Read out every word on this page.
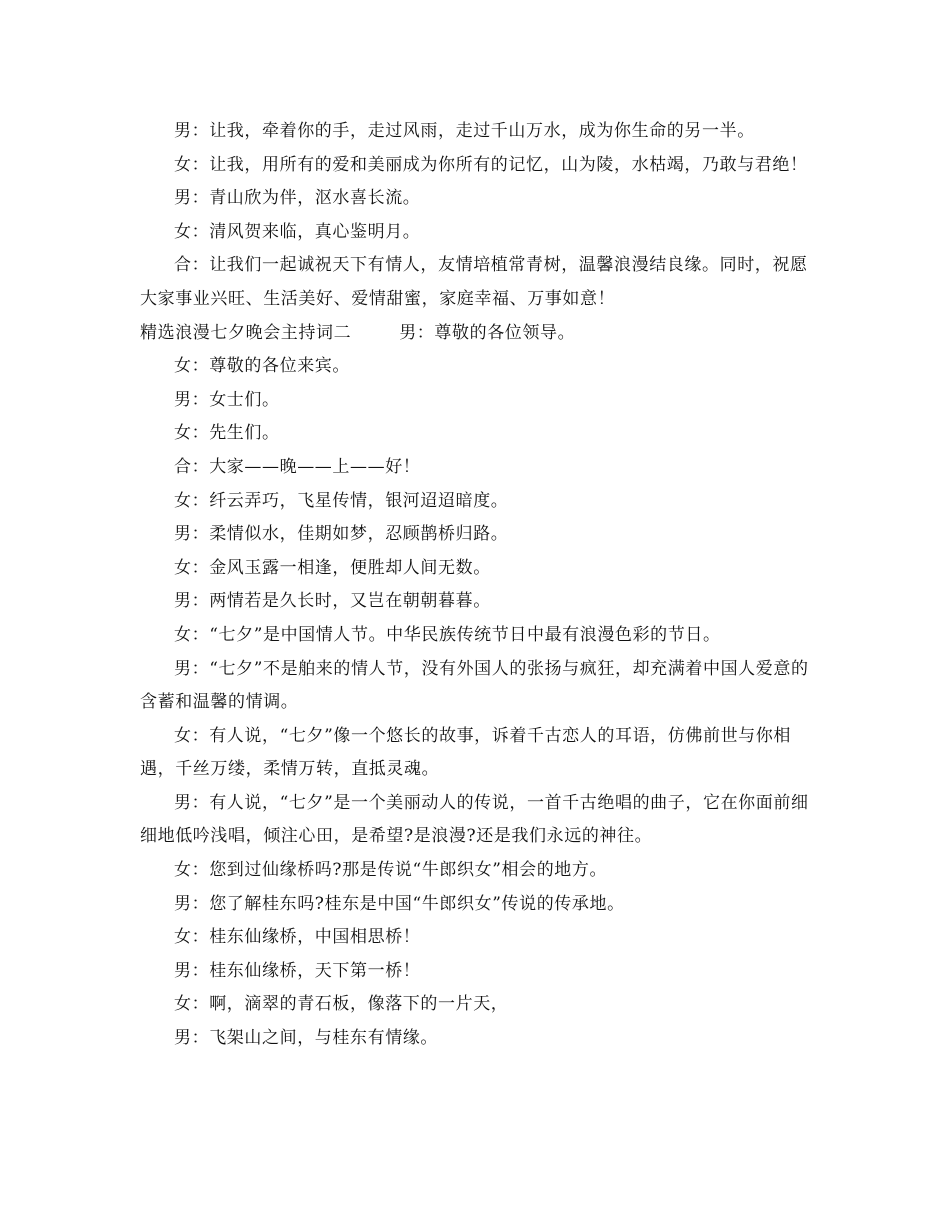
男：让我，牵着你的手，走过风雨，走过千山万水，成为你生命的另一半。

女：让我，用所有的爱和美丽成为你所有的记忆，山为陵，水枯竭，乃敢与君绝！

男：青山欣为伴，沤水喜长流。

女：清风贺来临，真心鉴明月。

合：让我们一起诚祝天下有情人，友情培植常青树，温馨浪漫结良缘。同时，祝愿大家事业兴旺、生活美好、爱情甜蜜，家庭幸福、万事如意！

精选浪漫七夕晚会主持词二	男：尊敬的各位领导。

女：尊敬的各位来宾。

男：女士们。

女：先生们。

合：大家——晚——上——好！

女：纤云弄巧，飞星传情，银河迢迢暗度。

男：柔情似水，佳期如梦，忍顾鹊桥归路。

女：金风玉露一相逢，便胜却人间无数。

男：两情若是久长时，又岂在朝朝暮暮。

女：“七夕”是中国情人节。中华民族传统节日中最有浪漫色彩的节日。

男：“七夕”不是舶来的情人节，没有外国人的张扬与疯狂，却充满着中国人爱意的含蓄和温馨的情调。

女：有人说，“七夕”像一个悠长的故事，诉着千古恋人的耳语，仿佛前世与你相遇，千丝万缕，柔情万转，直抵灵魂。

男：有人说，“七夕”是一个美丽动人的传说，一首千古绝唱的曲子，它在你面前细细地低吟浅唱，倾注心田，是希望?是浪漫?还是我们永远的神往。

女：您到过仙缘桥吗?那是传说“牛郎织女”相会的地方。

男：您了解桂东吗?桂东是中国“牛郎织女”传说的传承地。

女：桂东仙缘桥，中国相思桥！

男：桂东仙缘桥，天下第一桥！

女：啊，滴翠的青石板，像落下的一片天，

男：飞架山之间，与桂东有情缘。
